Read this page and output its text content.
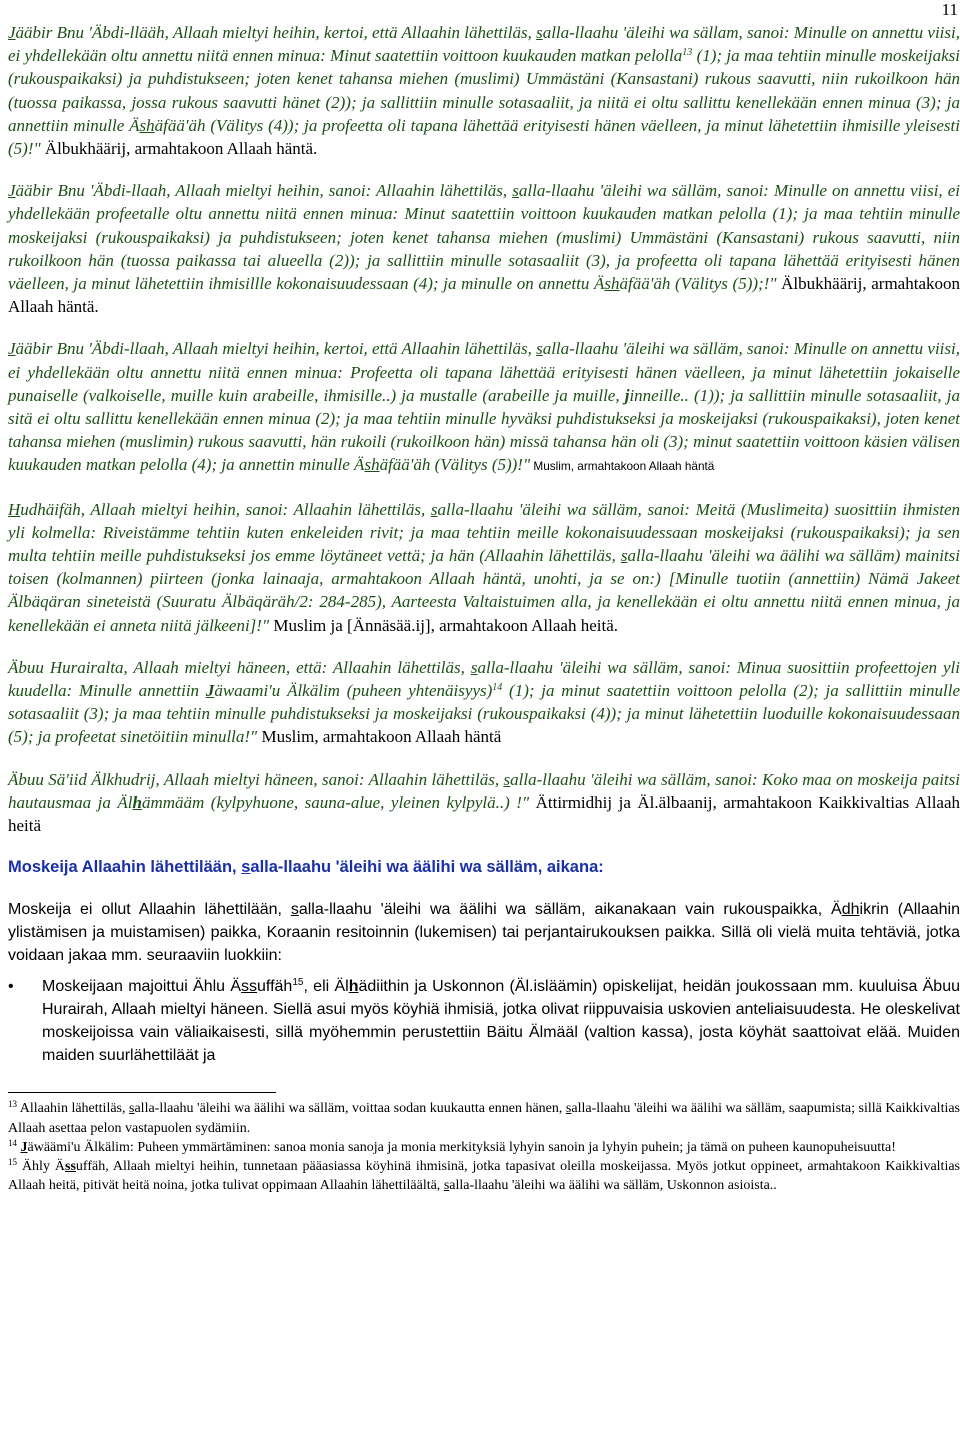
11

Jääbir Bnu 'Äbdi-llääh, Allaah mieltyi heihin, kertoi, että Allaahin lähettiläs, salla-llaahu 'äleihi wa sällam, sanoi: Minulle on annettu viisi, ei yhdellekään oltu annettu niitä ennen minua: Minut saatettiin voittoon kuukauden matkan pelolla$^{13}$ (1); ja maa tehtiin minulle moskeijaksi (rukouspaikaksi) ja puhdistukseen; joten kenet tahansa miehen (muslimi) Ummästäni (Kansastani) rukous saavutti, niin rukoilkoon hän (tuossa paikassa, jossa rukous saavutti hänet (2)); ja sallittiin minulle sotasaaliit, ja niitä ei oltu sallittu kenellekään ennen minua (3); ja annettiin minulle Äshäfää'äh (Välitys (4)); ja profeetta oli tapana lähettää erityisesti hänen väelleen, ja minut lähetettiin ihmisille yleisesti (5)!" Älbukhäärij, armahtakoon Allaah häntä.

Jääbir Bnu 'Äbdi-llaah, Allaah mieltyi heihin, sanoi: Allaahin lähettiläs, salla-llaahu 'äleihi wa sälläm, sanoi: Minulle on annettu viisi, ei yhdellekään profeetalle oltu annettu niitä ennen minua: Minut saatettiin voittoon kuukauden matkan pelolla (1); ja maa tehtiin minulle moskeijaksi (rukouspaikaksi) ja puhdistukseen; joten kenet tahansa miehen (muslimi) Ummästäni (Kansastani) rukous saavutti, niin rukoilkoon hän (tuossa paikassa tai alueella (2)); ja sallittiin minulle sotasaaliit (3), ja profeetta oli tapana lähettää erityisesti hänen väelleen, ja minut lähetettiin ihmisillle kokonaisuudessaan (4); ja minulle on annettu Äshäfää'äh (Välitys (5));!" Älbukhäärij, armahtakoon Allaah häntä.

Jääbir Bnu 'Äbdi-llaah, Allaah mieltyi heihin, kertoi, että Allaahin lähettiläs, salla-llaahu 'äleihi wa sälläm, sanoi: Minulle on annettu viisi, ei yhdellekään oltu annettu niitä ennen minua: Profeetta oli tapana lähettää erityisesti hänen väelleen, ja minut lähetettiin jokaiselle punaiselle (valkoiselle, muille kuin arabeille, ihmisille..) ja mustalle (arabeille ja muille, jinneille.. (1)); ja sallittiin minulle sotasaaliit, ja sitä ei oltu sallittu kenellekään ennen minua (2); ja maa tehtiin minulle hyväksi puhdistukseksi ja moskeijaksi (rukouspaikaksi), joten kenet tahansa miehen (muslimin) rukous saavutti, hän rukoili (rukoilkoon hän) missä tahansa hän oli (3); minut saatettiin voittoon käsien välisen kuukauden matkan pelolla (4); ja annettin minulle Äshäfää'äh (Välitys (5))!" Muslim, armahtakoon Allaah häntä

Hudhäifäh, Allaah mieltyi heihin, sanoi: Allaahin lähettiläs, salla-llaahu 'äleihi wa sälläm, sanoi: Meitä (Muslimeita) suosittiin ihmisten yli kolmella: Riveistämme tehtiin kuten enkeleiden rivit; ja maa tehtiin meille kokonaisuudessaan moskeijaksi (rukouspaikaksi); ja sen multa tehtiin meille puhdistukseksi jos emme löytäneet vettä; ja hän (Allaahin lähettiläs, salla-llaahu 'äleihi wa äälihi wa sälläm) mainitsi toisen (kolmannen) piirteen (jonka lainaaja, armahtakoon Allaah häntä, unohti, ja se on:) [Minulle tuotiin (annettiin) Nämä Jakeet Älbäqäran sineteistä (Suuratu Älbäqäräh/2: 284-285), Aarteesta Valtaistuimen alla, ja kenellekään ei oltu annettu niitä ennen minua, ja kenellekään ei anneta niitä jälkeeni]!" Muslim ja [Ännäsää.ij], armahtakoon Allaah heitä.

Äbuu Hurairalta, Allaah mieltyi häneen, että: Allaahin lähettiläs, salla-llaahu 'äleihi wa sälläm, sanoi: Minua suosittiin profeettojen yli kuudella: Minulle annettiin Jäwaami'u Älkälim (puheen yhtenäisyys)$^{14}$ (1); ja minut saatettiin voittoon pelolla (2); ja sallittiin minulle sotasaaliit (3); ja maa tehtiin minulle puhdistukseksi ja moskeijaksi (rukouspaikaksi (4)); ja minut lähetettiin luoduille kokonaisuudessaan (5); ja profeetat sinetöitiin minulla!" Muslim, armahtakoon Allaah häntä

Äbuu Sä'iid Älkhudrij, Allaah mieltyi häneen, sanoi: Allaahin lähettiläs, salla-llaahu 'äleihi wa sälläm, sanoi: Koko maa on moskeija paitsi hautausmaa ja Älhämmääm (kylpyhuone, sauna-alue, yleinen kylpylä..) !" Ättirmidhij ja Äl.älbaanij, armahtakoon Kaikkivaltias Allaah heitä

Moskeija Allaahin lähettilään, salla-llaahu 'äleihi wa äälihi wa sälläm, aikana:

Moskeija ei ollut Allaahin lähettilään, salla-llaahu 'äleihi wa äälihi wa sälläm, aikanakaan vain rukouspaikka, Ädhikrin (Allaahin ylistämisen ja muistamisen) paikka, Koraanin resitoinnin (lukemisen) tai perjantairukouksen paikka. Sillä oli vielä muita tehtäviä, jotka voidaan jakaa mm. seuraaviin luokkiin:

• Moskeijaan majoittui Ählu Ässuffäh$^{15}$, eli Älhädiithin ja Uskonnon (Äl.isläämin) opiskelijat, heidän joukossaan mm. kuuluisa Äbuu Hurairah, Allaah mieltyi häneen. Siellä asui myös köyhiä ihmisiä, jotka olivat riippuvaisia uskovien anteliaisuudesta. He oleskelivat moskeijoissa vain väliaikaisesti, sillä myöhemmin perustettiin Bäitu Älmääl (valtion kassa), josta köyhät saattoivat elää. Muiden maiden suurlähettiläät ja

$^{13}$ Allaahin lähettiläs, salla-llaahu 'äleihi wa äälihi wa sälläm, voittaa sodan kuukautta ennen hänen, salla-llaahu 'äleihi wa äälihi wa sälläm, saapumista; sillä Kaikkivaltias Allaah asettaa pelon vastapuolen sydämiin.

$^{14}$ Jäwäämi'u Älkälim: Puheen ymmärtäminen: sanoa monia sanoja ja monia merkityksiä lyhyin sanoin ja lyhyin puhein; ja tämä on puheen kaunopuheisuutta!

$^{15}$ Ähly Ässuffäh, Allaah mieltyi heihin, tunnetaan pääasiassa köyhinä ihmisinä, jotka tapasivat oleilla moskeijassa. Myös jotkut oppineet, armahtakoon Kaikkivaltias Allaah heitä, pitivät heitä noina, jotka tulivat oppimaan Allaahin lähettiläältä, salla-llaahu 'äleihi wa äälihi wa sälläm, Uskonnon asioista..
